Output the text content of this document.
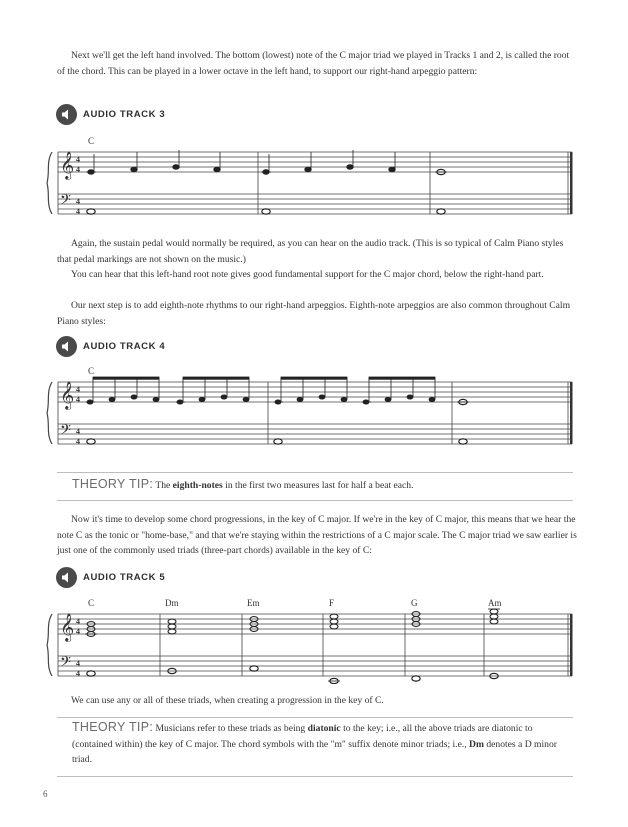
Next we'll get the left hand involved. The bottom (lowest) note of the C major triad we played in Tracks 1 and 2, is called the root of the chord. This can be played in a lower octave in the left hand, to support our right-hand arpeggio pattern:

AUDIO TRACK 3
C
𝄞
𝄢
4
4
4
4

Again, the sustain pedal would normally be required, as you can hear on the audio track. (This is so typical of Calm Piano styles that pedal markings are not shown on the music.)

You can hear that this left-hand root note gives good fundamental support for the C major chord, below the right-hand part.

Our next step is to add eighth-note rhythms to our right-hand arpeggios. Eighth-note arpeggios are also common throughout Calm Piano styles:

AUDIO TRACK 4
C
𝄞
𝄢
4
4
4
4

THEORY TIP: The eighth-notes in the first two measures last for half a beat each.

Now it's time to develop some chord progressions, in the key of C major. If we're in the key of C major, this means that we hear the note C as the tonic or "home-base," and that we're staying within the restrictions of a C major scale. The C major triad we saw earlier is just one of the commonly used triads (three-part chords) available in the key of C:

AUDIO TRACK 5
C	Dm	Em	F	G	Am
𝄞
𝄢
4
4
4
4

We can use any or all of these triads, when creating a progression in the key of C.

THEORY TIP: Musicians refer to these triads as being diatonic to the key; i.e., all the above triads are diatonic to (contained within) the key of C major. The chord symbols with the "m" suffix denote minor triads; i.e., Dm denotes a D minor triad.

6
